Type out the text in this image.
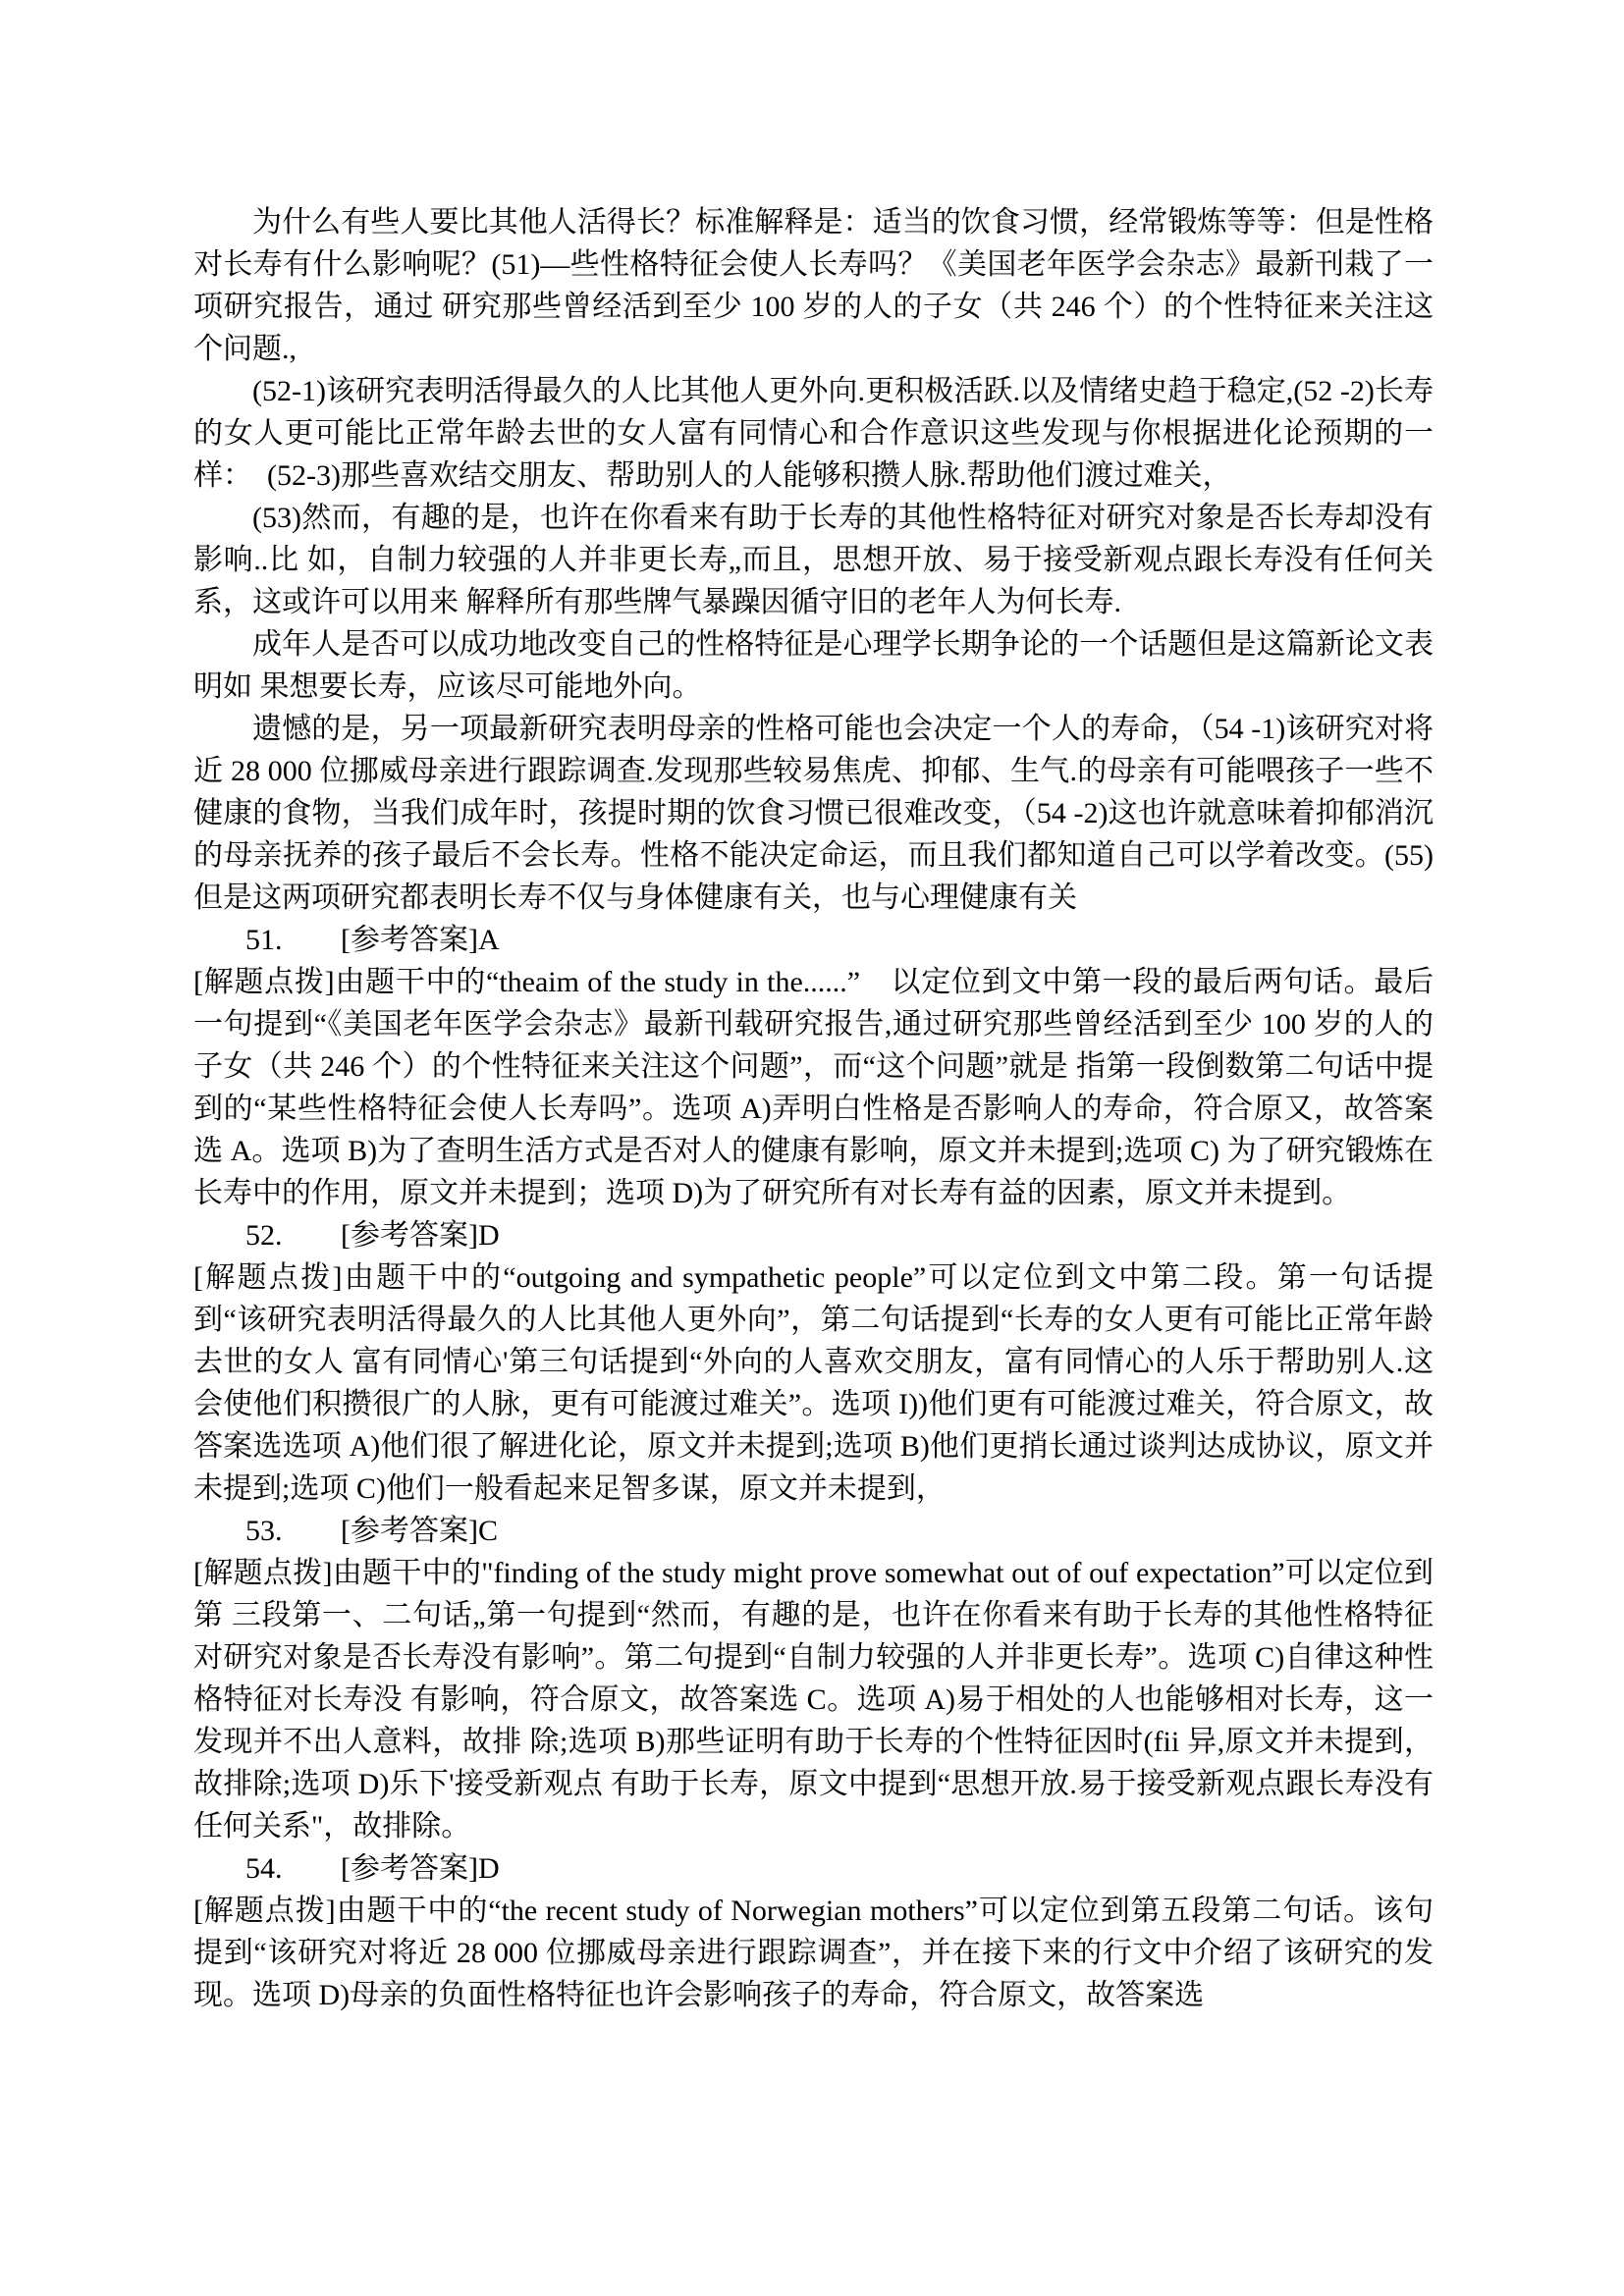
为什么有些人要比其他人活得长？标准解释是：适当的饮食习惯，经常锻炼等等：但是性格对长寿有什么影响呢？(51)—些性格特征会使人长寿吗？《美国老年医学会杂志》最新刊栽了一项研究报告，通过 研究那些曾经活到至少 100 岁的人的子女（共 246 个）的个性特征来关注这个问题.,

(52-1)该研究表明活得最久的人比其他人更外向.更积极活跃.以及情绪史趋于稳定,(52 -2)长寿 的女人更可能比正常年龄去世的女人富有同情心和合作意识这些发现与你根据进化论预期的一样：　(52-3)那些喜欢结交朋友、帮助别人的人能够积攒人脉.帮助他们渡过难关，

(53)然而，有趣的是，也许在你看来有助于长寿的其他性格特征对研究对象是否长寿却没有影响..比 如，自制力较强的人并非更长寿„而且，思想开放、易于接受新观点跟长寿没有任何关系，这或许可以用来 解释所有那些牌气暴躁因循守旧的老年人为何长寿.

成年人是否可以成功地改变自己的性格特征是心理学长期争论的一个话题但是这篇新论文表明如 果想要长寿，应该尽可能地外向。

遗憾的是，另一项最新研究表明母亲的性格可能也会决定一个人的寿命，（54 -1)该研究对将近 28 000 位挪威母亲进行跟踪调查.发现那些较易焦虎、抑郁、生气.的母亲有可能喂孩子一些不健康的食物，当我们成年时，孩提时期的饮食习惯已很难改变，（54 -2)这也许就意味着抑郁消沉的母亲抚养的孩子最后不会长寿。性格不能决定命运，而且我们都知道自己可以学着改变。(55)但是这两项研究都表明长寿不仅与身体健康有关，也与心理健康有关

51. [参考答案]A

[解题点拨]由题干中的“theaim of the study in the......”　以定位到文中第一段的最后两句话。最后一句提到“《美国老年医学会杂志》最新刊载研究报告,通过研究那些曾经活到至少 100 岁的人的子女（共 246 个）的个性特征来关注这个问题”，而“这个问题”就是 指第一段倒数第二句话中提到的“某些性格特征会使人长寿吗”。选项 A)弄明白性格是否影响人的寿命，符合原又，故答案选 A。选项 B)为了查明生活方式是否对人的健康有影响，原文并未提到;选项 C) 为了研究锻炼在长寿中的作用，原文并未提到；选项 D)为了研究所有对长寿有益的因素，原文并未提到。

52. [参考答案]D

[解题点拨]由题干中的“outgoing and sympathetic people”可以定位到文中第二段。第一句话提到“该研究表明活得最久的人比其他人更外向”，第二句话提到“长寿的女人更有可能比正常年龄去世的女人 富有同情心'第三句话提到“外向的人喜欢交朋友，富有同情心的人乐于帮助别人.这会使他们积攒很广的人脉，更有可能渡过难关”。选项 I))他们更有可能渡过难关，符合原文，故答案选选项 A)他们很了解进化论，原文并未提到;选项 B)他们更捎长通过谈判达成协议，原文并未提到;选项 C)他们一般看起来足智多谋，原文并未提到，

53. [参考答案]C

[解题点拨]由题干中的"finding of the study might prove somewhat out of ouf expectation”可以定位到第 三段第一、二句话„第一句提到“然而，有趣的是，也许在你看来有助于长寿的其他性格特征对研究对象是否长寿没有影响”。第二句提到“自制力较强的人并非更长寿”。选项 C)自律这种性格特征对长寿没 有影响，符合原文，故答案选 C。选项 A)易于相处的人也能够相对长寿，这一发现并不出人意料，故排 除;选项 B)那些证明有助于长寿的个性特征因时(fii 异,原文并未提到，故排除;选项 D)乐下'接受新观点 有助于长寿，原文中提到“思想开放.易于接受新观点跟长寿没有任何关系"，故排除。

54. [参考答案]D

[解题点拨]由题干中的“the recent study of Norwegian mothers”可以定位到第五段第二句话。该句提到“该研究对将近 28 000 位挪威母亲进行跟踪调查”，并在接下来的行文中介绍了该研究的发现。选项 D)母亲的负面性格特征也许会影响孩子的寿命，符合原文，故答案选
